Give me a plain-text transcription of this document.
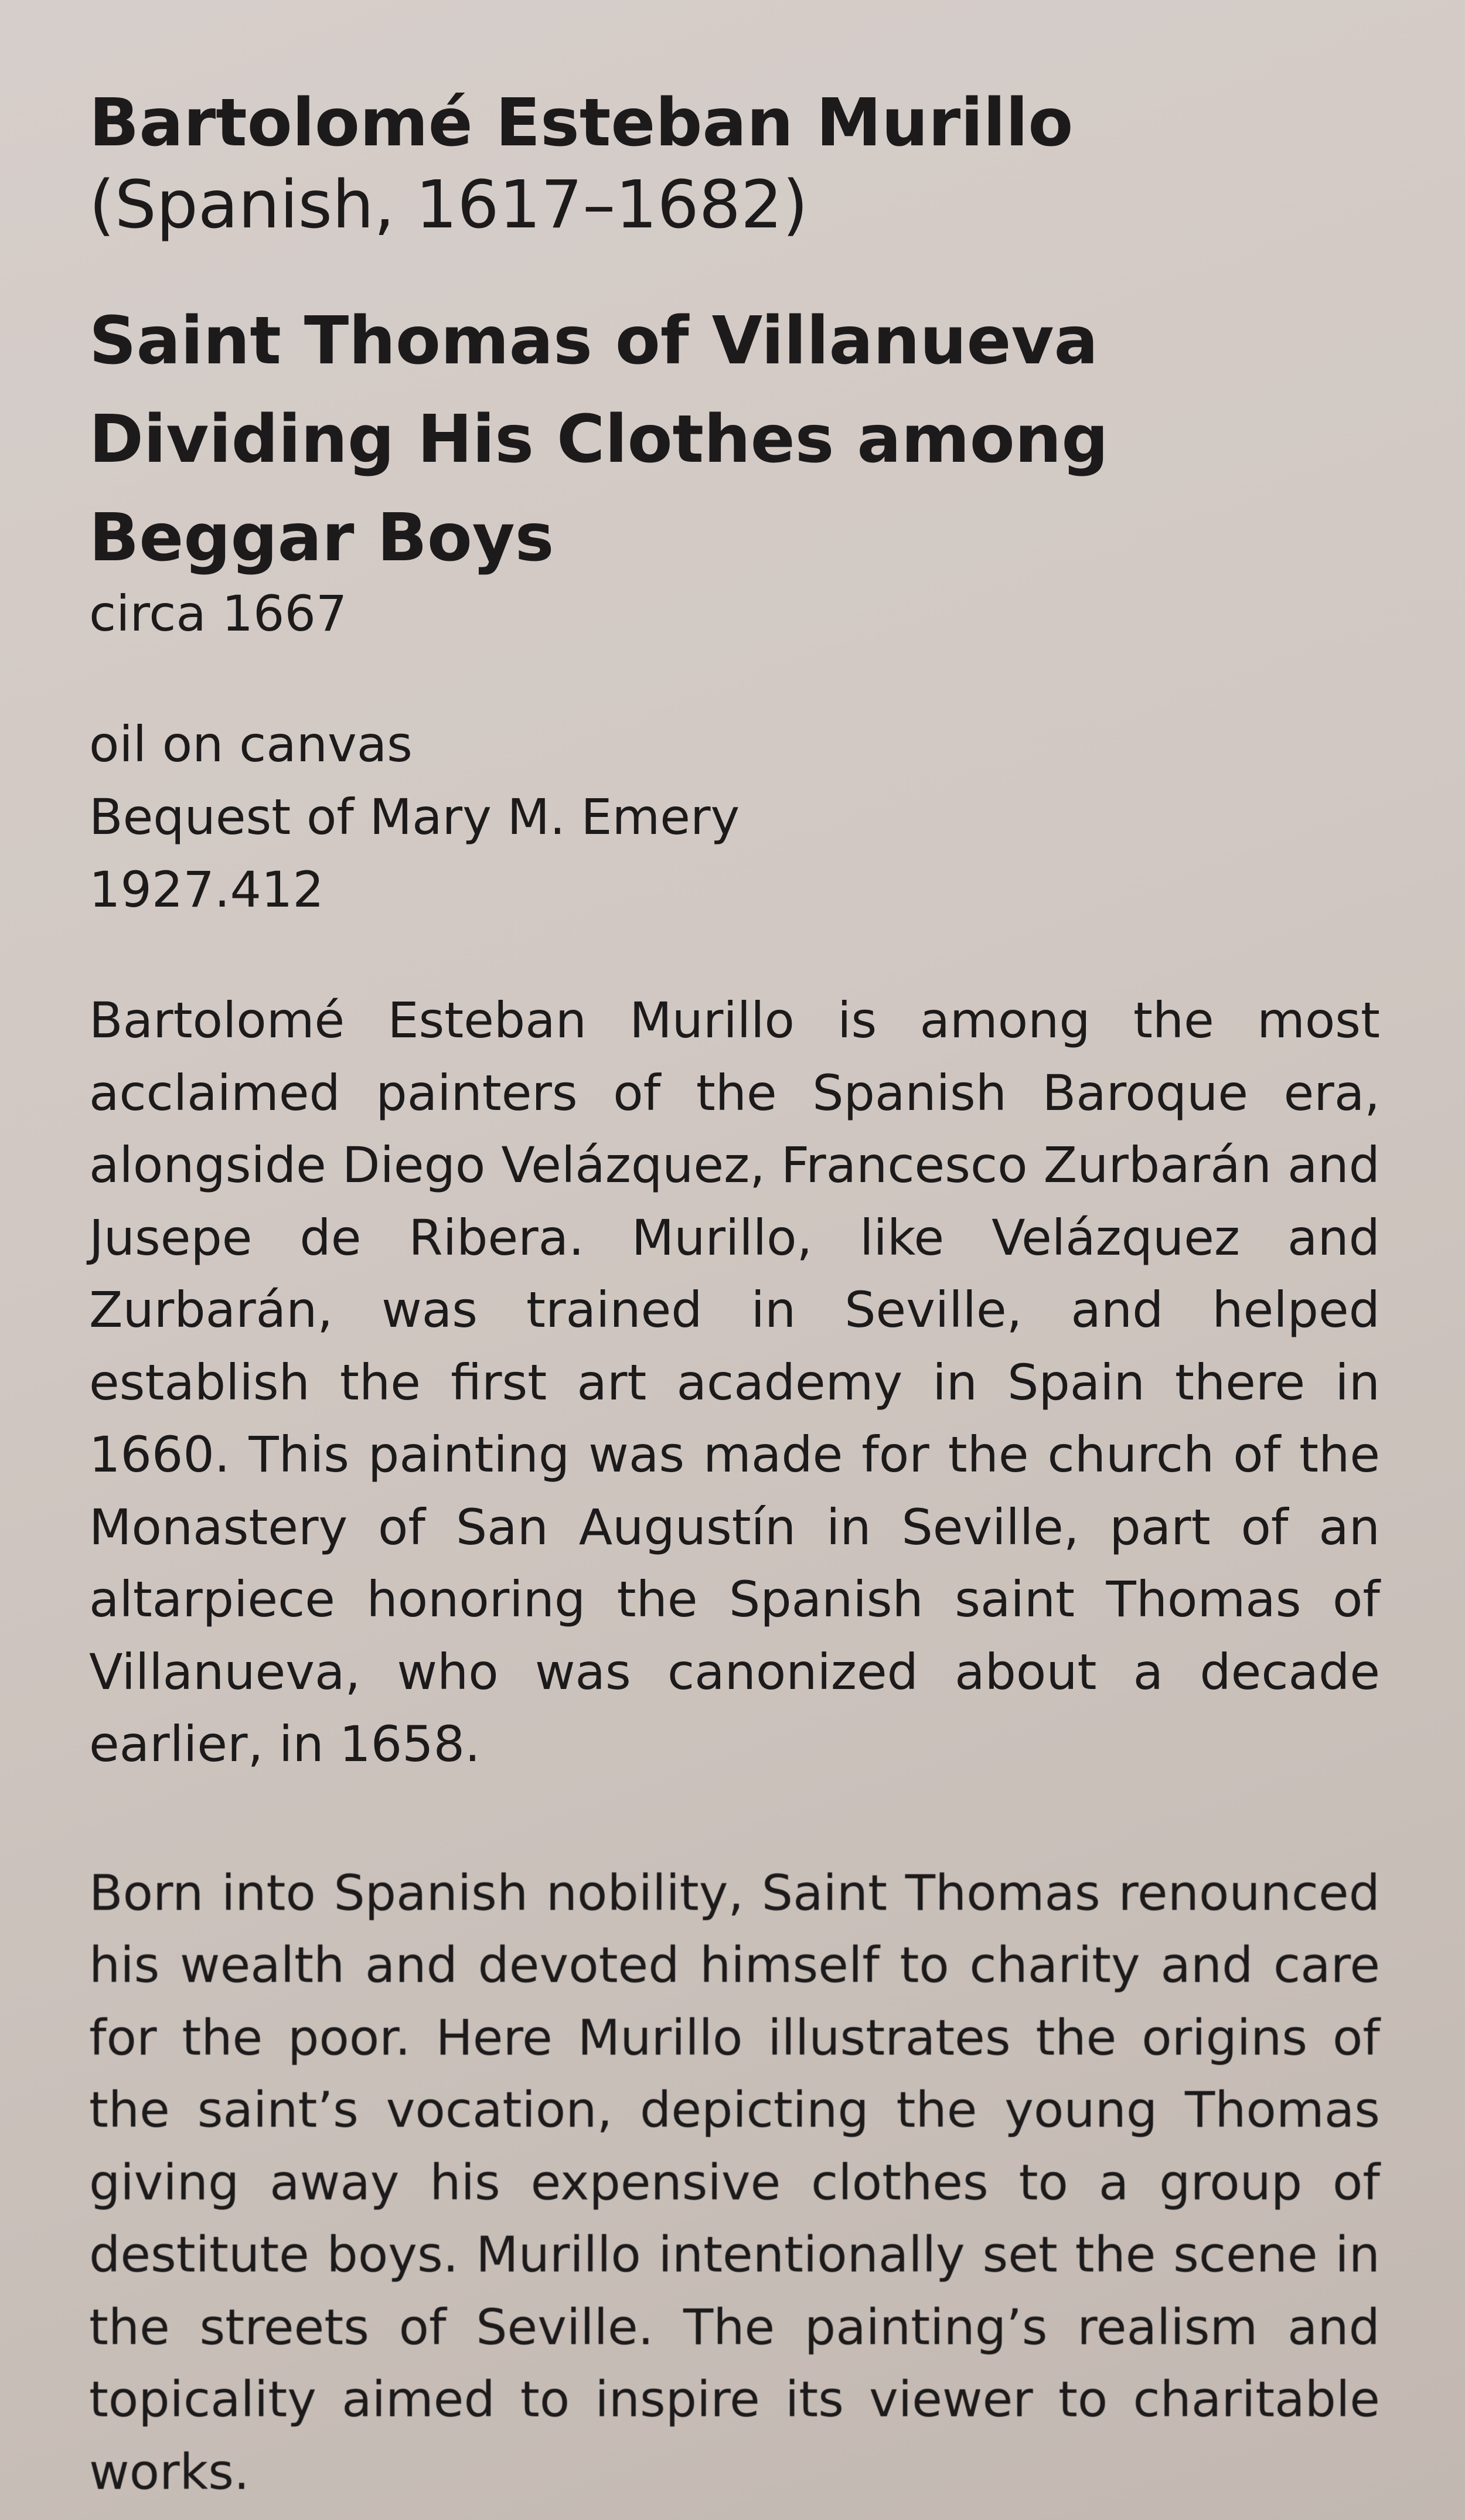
Bartolomé Esteban Murillo

(Spanish, 1617–1682)

Saint Thomas of Villanueva Dividing His Clothes among Beggar Boys

circa 1667

oil on canvas
Bequest of Mary M. Emery
1927.412

Bartolomé Esteban Murillo is among the most acclaimed painters of the Spanish Baroque era, alongside Diego Velázquez, Francesco Zurbarán and Jusepe de Ribera. Murillo, like Velázquez and Zurbarán, was trained in Seville, and helped establish the first art academy in Spain there in 1660. This painting was made for the church of the Monastery of San Augustín in Seville, part of an altarpiece honoring the Spanish saint Thomas of Villanueva, who was canonized about a decade earlier, in 1658.

Born into Spanish nobility, Saint Thomas renounced his wealth and devoted himself to charity and care for the poor. Here Murillo illustrates the origins of the saint’s vocation, depicting the young Thomas giving away his expensive clothes to a group of destitute boys. Murillo intentionally set the scene in the streets of Seville. The painting’s realism and topicality aimed to inspire its viewer to charitable works.
